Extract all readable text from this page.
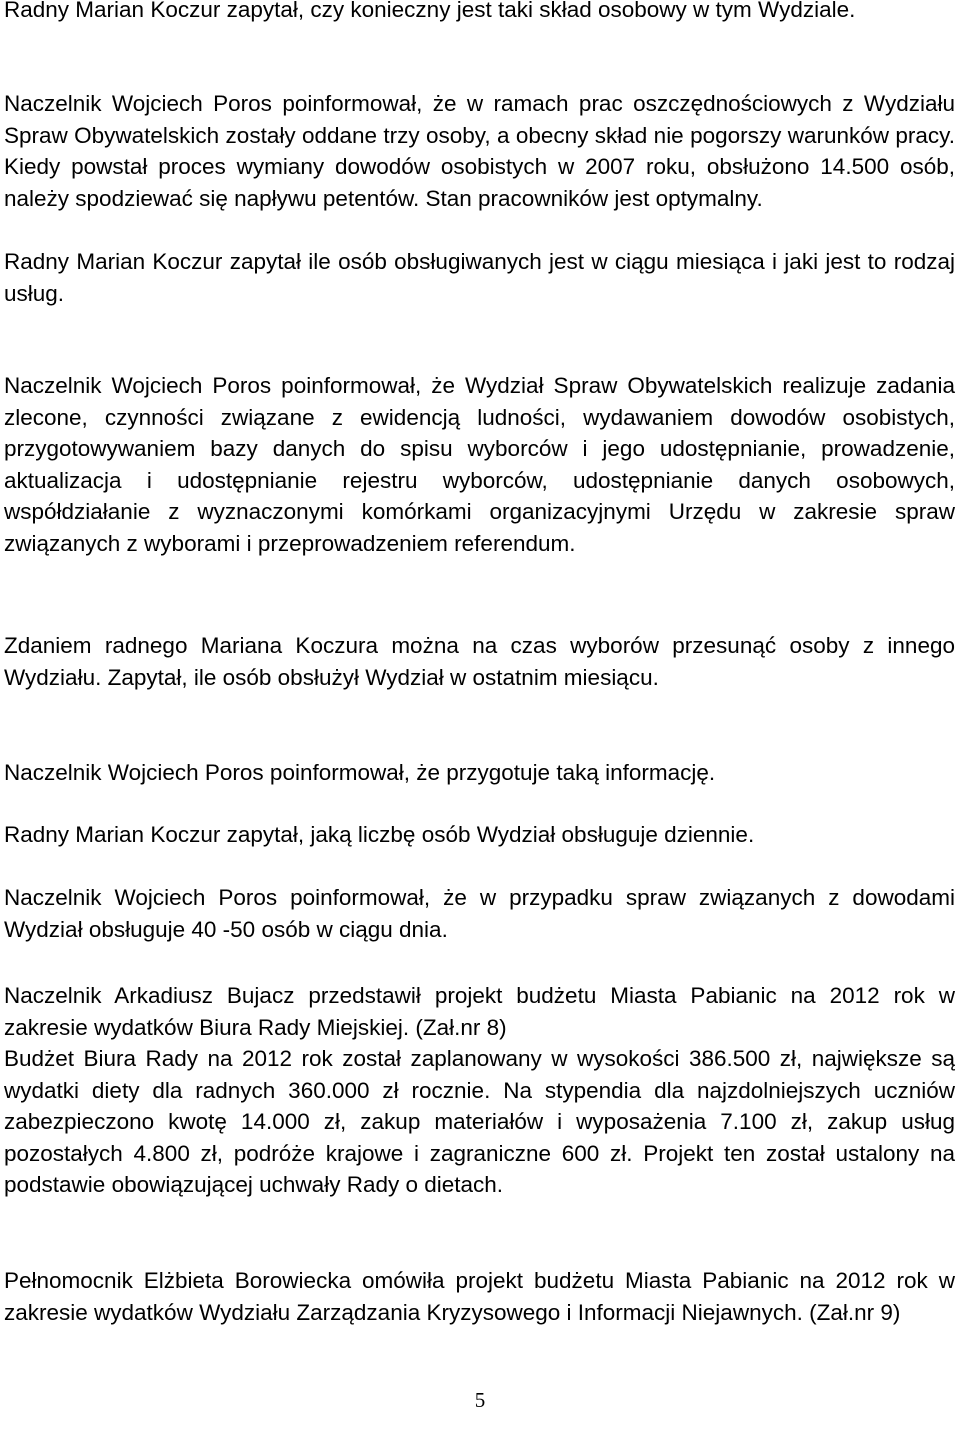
Radny Marian Koczur zapytał, czy konieczny jest taki skład osobowy w tym Wydziale.

Naczelnik Wojciech Poros poinformował, że w ramach prac oszczędnościowych z Wydziału Spraw Obywatelskich zostały oddane trzy osoby, a obecny skład nie pogorszy warunków pracy. Kiedy powstał proces wymiany dowodów osobistych w 2007 roku, obsłużono 14.500 osób, należy spodziewać się napływu petentów. Stan pracowników jest optymalny.

Radny Marian Koczur zapytał ile osób obsługiwanych jest w ciągu miesiąca i jaki jest to rodzaj usług.

Naczelnik Wojciech Poros poinformował, że Wydział Spraw Obywatelskich realizuje zadania zlecone, czynności związane z ewidencją ludności, wydawaniem dowodów osobistych, przygotowywaniem bazy danych do spisu wyborców i jego udostępnianie, prowadzenie, aktualizacja i udostępnianie rejestru wyborców, udostępnianie danych osobowych, współdziałanie z wyznaczonymi komórkami organizacyjnymi Urzędu w zakresie spraw związanych z wyborami i przeprowadzeniem referendum.

Zdaniem radnego Mariana Koczura można na czas wyborów przesunąć osoby z innego Wydziału. Zapytał, ile osób obsłużył Wydział w ostatnim miesiącu.

Naczelnik Wojciech Poros poinformował, że przygotuje taką informację.

Radny Marian Koczur zapytał, jaką liczbę osób Wydział obsługuje dziennie.

Naczelnik Wojciech Poros poinformował, że w przypadku spraw związanych z dowodami Wydział obsługuje 40 -50 osób w ciągu dnia.

Naczelnik Arkadiusz Bujacz przedstawił projekt budżetu Miasta Pabianic na 2012 rok w zakresie wydatków Biura Rady Miejskiej. (Zał.nr 8)

Budżet Biura Rady na 2012 rok został zaplanowany w wysokości 386.500 zł, największe są wydatki diety dla radnych 360.000 zł rocznie. Na stypendia dla najzdolniejszych uczniów zabezpieczono kwotę 14.000 zł, zakup materiałów i wyposażenia 7.100 zł, zakup usług pozostałych 4.800 zł, podróże krajowe i zagraniczne 600 zł. Projekt ten został ustalony na podstawie obowiązującej uchwały Rady o dietach.

Pełnomocnik Elżbieta Borowiecka omówiła projekt budżetu Miasta Pabianic na 2012 rok w zakresie wydatków Wydziału Zarządzania Kryzysowego i Informacji Niejawnych. (Zał.nr 9)

5
